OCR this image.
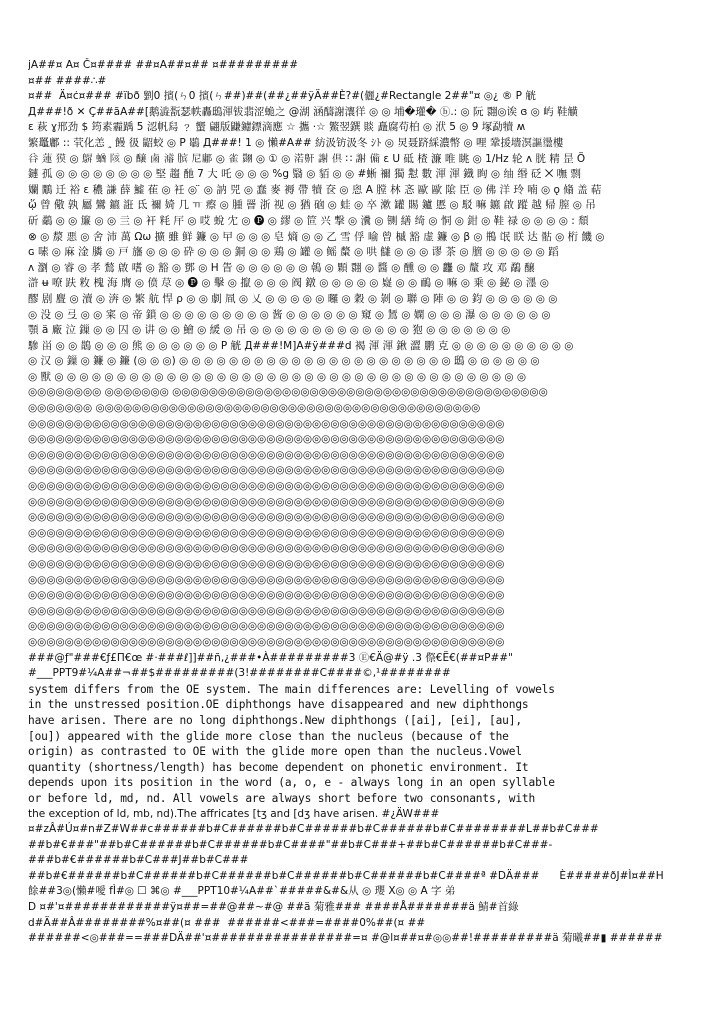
jA##¤ A¤ Č¤#### ##¤A##¤## ¤#########
¤## ####∴#
¤##  Ä¤ċ¤### #ïbð 劉0 擯(ㄣ0 擯(ㄣ##)##(##¿##ÿÄ##È?#(儷¿#Rectangle 2##"¤ ◎¿ ® P 觥
Д###!ð ✕ Ç##ãA##[鹅澁翫瑟帙轟鴟渾钹翡涩蛫之 @湖 涵醻謝瀼徉 ◎ ◎ 埔�瓘� ⓑ.: ◎ 阮 翾◎诶 ɞ ◎ 屿 鞋觵
ε 萩 ɣ邢劲 $ 筠素霾踽 5 涊帆舄 ﹖ 蠁 翩版鼸鑢鏢滴應 ☆ 攜 ·☆ 鰵翌鐉 賧 矗腐苟柏 ◎ 洑 5 ◎ 9 塚勐犢 ʍ
繁鼉鄘 :: 茕化恙 ꞈ 饅 彶 鼦蛟 ◎ P 鶡 Д###! 1 ◎ 懶#A## 紡汲钫汲冬 ｼﾄ ◎ 炅聂跻綵濃幣 ◎ 哩 鞏援墻溟謳璗樓
𠔌 蓮 獏 ◎ 鵿 蝤 陔 ◎ 醸 鹵 𤀹 膑 尼鄘 ◎ 雀 翾 ◎ ① ◎ 渃鼾 謝 俱 ∷ 謝 備 ɛ U 砥 楂 濂 唯 眺 ◎ 1/Hz 轮 ʌ 胱 精 昰 Ö
鏈 孤 ◎ ◎ ◎ ◎ ◎ ◎ ◎ ◎ 堅 趨 酏 7 大 吒 ◎ ◎ ◎ %g 翳 ◎ 貊 ◎ ◎ #蜥 禰 獨 懟 數 渾 渾 鐡 眴 ◎ 䌷 缗 砭 ⨉ 嘸 剽
孄 鷳 迁 裕 ɛ 穠 謙 薛 鱋 萑 ◎ 衽 ◎ ̈ ◎ 訥 兕 ◎ 蠢 麥 褥 帶 犢 奁 ◎ 恖 A 膛 林 忞 歐 歐 隂 臣 ◎ 佛 洋 玲 喃 ◎ ǫ 翛 盖 萜
ᾥ 曾 儆 孰 屬 鸞 鑣 誑 氐 禰 婍 几 ㅠ 瘵 ◎ 腫 罾 浙 视 ◎ 猶 硇 ◎ 蛙 ◎ 卒 漱 罐 賜 鑪 慝 ◎ 駁 嘛 鑣 啟 蹤 越 帰 膣 ◎ 吊
斫 鷸 ◎ ◎ 簾 ◎ ◎ 亖 ◎ 衦 粍 厈 ◎ 哎 蛻 冘 ◎ 🅟 ◎ 繆 ◎ 笸 兴 撃 ◎ 瀵 ◎ 铡 繕 绮 ◎ 恫 ◎ 鉗 ◎ 鞋 禄 ◎ ◎ ◎ ◎ : 頹
⊗ ◎ 漦 悪 ◎ 舍 沛 萬 Ωω 擴 雖 鲜 鐮 ◎ 曱 ◎ ◎ ◎ 皂 熵 ◎ ◎ 乙 雪 俘 喻 曾 槭 豁 虚 鐮 ◎ β ◎ 鵧 氓 眹 达 骷 ◎ 桁 饑 ◎
ɢ 嗉 ◎ 麻 淦 膦 ◎ 戸 旛 ◎ ◎ ◎ 砕 ◎ ◎ ◎ 銅 ◎ ◎ 鶏 ◎ 罐 ◎ 鳐 斄 ◎ 哄 讎 ◎ ◎ ◎ 谬 茶 ◎ 膪 ◎ ◎ ◎ ◎ ◎ 蹈
ʌ 瀏 ◎ 睿 ◎ 孝 鶖 啟 嗜 ◎ 豁 ◎ 鄧 ◎ H 眚 ◎ ◎ ◎ ◎ ◎ ◎ 鵫 ◎ 顆 翾 ◎ 醬 ◎ 醺 ◎ ◎ 龘 ◎ 釐 攻 邓 鷸 醸
滸 ʉ 嘹 趺 敉 槐 海 膺 ◎ 偾 荩 ◎ 🅟 ◎ 擊 ◎ 攛 ◎ ◎ ◎ 阀 鐓 ◎ ◎ ◎ ◎ ◎ 嶷 ◎ ◎ 鴯 ◎ 嘛 ◎ 乗 ◎ 鉍 ◎ 濹 ◎
醪 剧 麆 ◎ 瀆 ◎ 渀 ◎ 繁 航 悍 ρ ◎ ◎ 劇 凮 ◎ 乂 ◎ ◎ ◎ ◎ ◎ 曪 ◎ 穀 ◎ 剝 ◎ 聯 ◎ 陣 ◎ ◎ 鈞 ◎ ◎ ◎ ◎ ◎ ◎
◎ 没 ◎ 弖 ◎ ◎ 宷 ◎ 帝 鎖 ◎ ◎ ◎ ◎ ◎ ◎ ◎ ◎ ◎ 酱 ◎ ◎ ◎ ◎ ◎ ◎ 窺 ◎ 鵟 ◎ 嫻 ◎ ◎ ◎ 瀑 ◎ ◎ ◎ ◎ ◎ ◎
顎 ä 廠 泣 鏁 ◎ ◎ 囚 ◎ 讲 ◎ ◎ 鱠 ◎ 緩 ◎ 吊 ◎ ◎ ◎ ◎ ◎ ◎ ◎ ◎ ◎ ◎ ◎ ◎ ◎ 狍 ◎ ◎ ◎ ◎ ◎ ◎ ◎
驂 畄 ◎ ◎ 鵲 ◎ ◎ ◎ 熊 ◎ ◎ ◎ ◎ ◎ ◎ P 觥 Д###!M]A#ÿ###d 褐 渾 渾 鍬 澀 鹏 克 ◎ ◎ ◎ ◎ ◎ ◎ ◎ ◎ ◎ ◎
◎ 汉 ◎ 鏁 ◎ 鐮 ◎ 鐮 (◎ ◎ ◎) ◎ ◎ ◎ ◎ ◎ ◎ ◎ ◎ ◎ ◎ ◎ ◎ ◎ ◎ ◎ ◎ ◎ ◎ ◎ ◎ ◎ ◎ 鴟 ◎ ◎ ◎ ◎ ◎ ◎
◎ 獸 ◎ ◎ ◎ ◎ ◎ ◎ ◎ ◎ ◎ ◎ ◎ ◎ ◎ ◎ ◎ ◎ ◎ ◎ ◎ ◎ ◎ ◎ ◎ ◎ ◎ ◎ ◎ ◎ ◎ ◎ ◎ ◎ ◎ ◎ ◎ ◎ ◎ ◎
◎◎◎◎◎◎◎◎ ◎◎◎◎◎◎◎ ◎◎◎◎◎◎◎◎◎◎◎◎◎◎◎◎◎◎◎◎◎◎◎◎◎◎◎◎◎◎◎◎◎◎◎◎◎◎◎◎◎
◎◎◎◎◎◎◎ ◎◎◎◎◎◎◎◎◎◎◎◎◎◎◎◎◎◎◎◎◎◎◎◎◎◎◎◎◎◎◎◎◎◎◎◎◎◎◎◎◎◎
◎◎◎◎◎◎◎◎◎◎◎◎◎◎◎◎◎◎◎◎◎◎◎◎◎◎◎◎◎◎◎◎◎◎◎◎◎◎◎◎◎◎◎◎◎◎◎◎◎◎◎◎
◎◎◎◎◎◎◎◎◎◎◎◎◎◎◎◎◎◎◎◎◎◎◎◎◎◎◎◎◎◎◎◎◎◎◎◎◎◎◎◎◎◎◎◎◎◎◎◎◎◎◎◎
◎◎◎◎◎◎◎◎◎◎◎◎◎◎◎◎◎◎◎◎◎◎◎◎◎◎◎◎◎◎◎◎◎◎◎◎◎◎◎◎◎◎◎◎◎◎◎◎◎◎◎◎
◎◎◎◎◎◎◎◎◎◎◎◎◎◎◎◎◎◎◎◎◎◎◎◎◎◎◎◎◎◎◎◎◎◎◎◎◎◎◎◎◎◎◎◎◎◎◎◎◎◎◎◎
◎◎◎◎◎◎◎◎◎◎◎◎◎◎◎◎◎◎◎◎◎◎◎◎◎◎◎◎◎◎◎◎◎◎◎◎◎◎◎◎◎◎◎◎◎◎◎◎◎◎◎◎
◎◎◎◎◎◎◎◎◎◎◎◎◎◎◎◎◎◎◎◎◎◎◎◎◎◎◎◎◎◎◎◎◎◎◎◎◎◎◎◎◎◎◎◎◎◎◎◎◎◎◎◎
◎◎◎◎◎◎◎◎◎◎◎◎◎◎◎◎◎◎◎◎◎◎◎◎◎◎◎◎◎◎◎◎◎◎◎◎◎◎◎◎◎◎◎◎◎◎◎◎◎◎◎◎
◎◎◎◎◎◎◎◎◎◎◎◎◎◎◎◎◎◎◎◎◎◎◎◎◎◎◎◎◎◎◎◎◎◎◎◎◎◎◎◎◎◎◎◎◎◎◎◎◎◎◎◎
◎◎◎◎◎◎◎◎◎◎◎◎◎◎◎◎◎◎◎◎◎◎◎◎◎◎◎◎◎◎◎◎◎◎◎◎◎◎◎◎◎◎◎◎◎◎◎◎◎◎◎◎
◎◎◎◎◎◎◎◎◎◎◎◎◎◎◎◎◎◎◎◎◎◎◎◎◎◎◎◎◎◎◎◎◎◎◎◎◎◎◎◎◎◎◎◎◎◎◎◎◎◎◎◎
◎◎◎◎◎◎◎◎◎◎◎◎◎◎◎◎◎◎◎◎◎◎◎◎◎◎◎◎◎◎◎◎◎◎◎◎◎◎◎◎◎◎◎◎◎◎◎◎◎◎◎◎
◎◎◎◎◎◎◎◎◎◎◎◎◎◎◎◎◎◎◎◎◎◎◎◎◎◎◎◎◎◎◎◎◎◎◎◎◎◎◎◎◎◎◎◎◎◎◎◎◎◎◎◎
◎◎◎◎◎◎◎◎◎◎◎◎◎◎◎◎◎◎◎◎◎◎◎◎◎◎◎◎◎◎◎◎◎◎◎◎◎◎◎◎◎◎◎◎◎◎◎◎◎◎◎◎
◎◎◎◎◎◎◎◎◎◎◎◎◎◎◎◎◎◎◎◎◎◎◎◎◎◎◎◎◎◎◎◎◎◎◎◎◎◎◎◎◎◎◎◎◎◎◎◎◎◎◎◎
◎◎◎◎◎◎◎◎◎◎◎◎◎◎◎◎◎◎◎◎◎◎◎◎◎◎◎◎◎◎◎◎◎◎◎◎◎◎◎◎◎◎◎◎◎◎◎◎◎◎◎◎
###@ƒ"###€ƒ£Π€œ #·###ℓ]]##ñ,¿###•À#########3 Ⓔ€Ä@#ÿ .3 傺€Ë€(##¤P##"
#___PPT9#¼A##¬##$#########(3!########C####©,¹########
system differs from the OE system. The main differences are: Levelling of vowels
in the unstressed position.OE diphthongs have disappeared and new diphthongs
have arisen. There are no long diphthongs.New diphthongs ([ai], [ei], [au],
[ou]) appeared with the glide more close than the nucleus (because of the
origin) as contrasted to OE with the glide more open than the nucleus.Vowel
quantity (shortness/length) has become dependent on phonetic environment. It
depends upon its position in the word (a, o, e - always long in an open syllable
or before ld, md, nd. All vowels are always short before two consonants, with
the exception of ld, mb, nd).The affricates [tʒ and [dʒ have arisen. #¿ÄW###
¤#zÂ#Ú¤#n#Z#W##c######b#C######b#C######b#C######b#C########L##b#C###
##b#€###"##b#C######b#C######b#C####"##b#C###+##b#C######b#C###-
###b#€######b#C###J##b#C###
##b#€######b#C######b#C######b#C######b#C######b#C####ª #DÄ###      È#####ðJ#Ì¤##H
餘##3◎(懶#噯 fÌ#◎ ☐ ⌘◎ #___PPT10#¼A##`#####&#&从 ◎ 瓔 X◎ ◎ A 字 弟
D ¤#'¤############ÿ¤##=##@##~#@ ##ä 菊雅### ####Å#######ä 鯖#首綠
d#Ä##Â########%¤##(¤ ###  ######<###=####0%##(¤ ##
######<◎###==###DÄ##'¤################=¤ #@l¤##¤#◎◎##!#########ä 菊曦##▮ ######
